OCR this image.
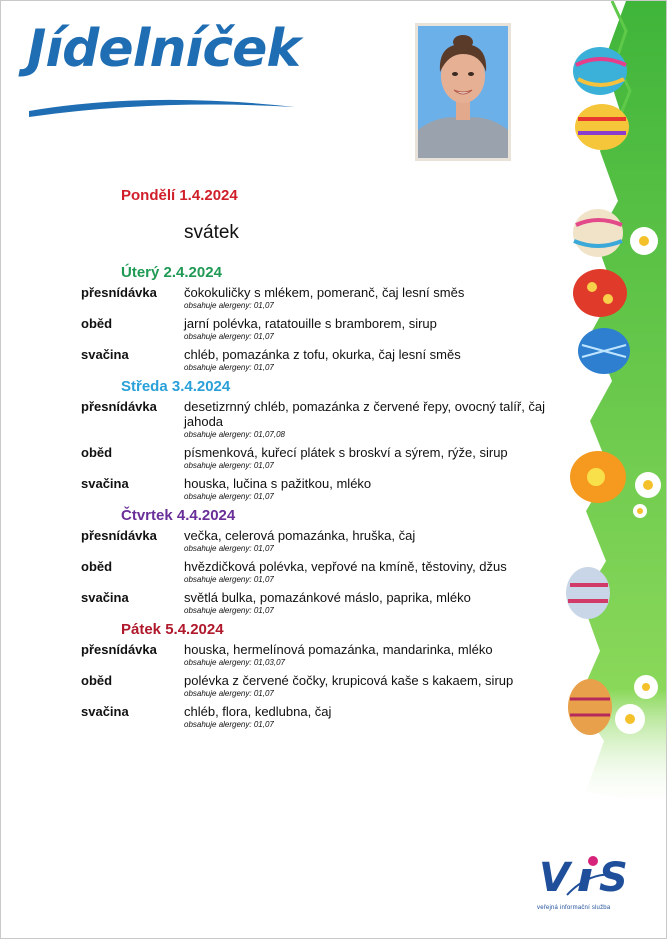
Jídelníček
Pondělí 1.4.2024
svátek
Úterý 2.4.2024
přesnídávka	čokokuličky s mlékem, pomeranč, čaj lesní směs
obsahuje alergeny: 01,07
oběd	jarní polévka, ratatouille s bramborem, sirup
obsahuje alergeny: 01,07
svačina	chléb, pomazánka z tofu, okurka, čaj lesní směs
obsahuje alergeny: 01,07
Středa 3.4.2024
přesnídávka	desetizrnný chléb, pomazánka z červené řepy, ovocný talíř, čaj jahoda
obsahuje alergeny: 01,07,08
oběd	písmenková, kuřecí plátek s broskví a sýrem, rýže, sirup
obsahuje alergeny: 01,07
svačina	houska, lučina s pažitkou, mléko
obsahuje alergeny: 01,07
Čtvrtek 4.4.2024
přesnídávka	večka, celerová pomazánka, hruška, čaj
obsahuje alergeny: 01,07
oběd	hvězdičková polévka, vepřové na kmíně, těstoviny, džus
obsahuje alergeny: 01,07
svačina	světlá bulka, pomazánkové máslo, paprika, mléko
obsahuje alergeny: 01,07
Pátek 5.4.2024
přesnídávka	houska, hermelínová pomazánka, mandarinka, mléko
obsahuje alergeny: 01,03,07
oběd	polévka z červené čočky, krupicová kaše s kakaem, sirup
obsahuje alergeny: 01,07
svačina	chléb, flora, kedlubna, čaj
obsahuje alergeny: 01,07
V S
veřejná informační služba
